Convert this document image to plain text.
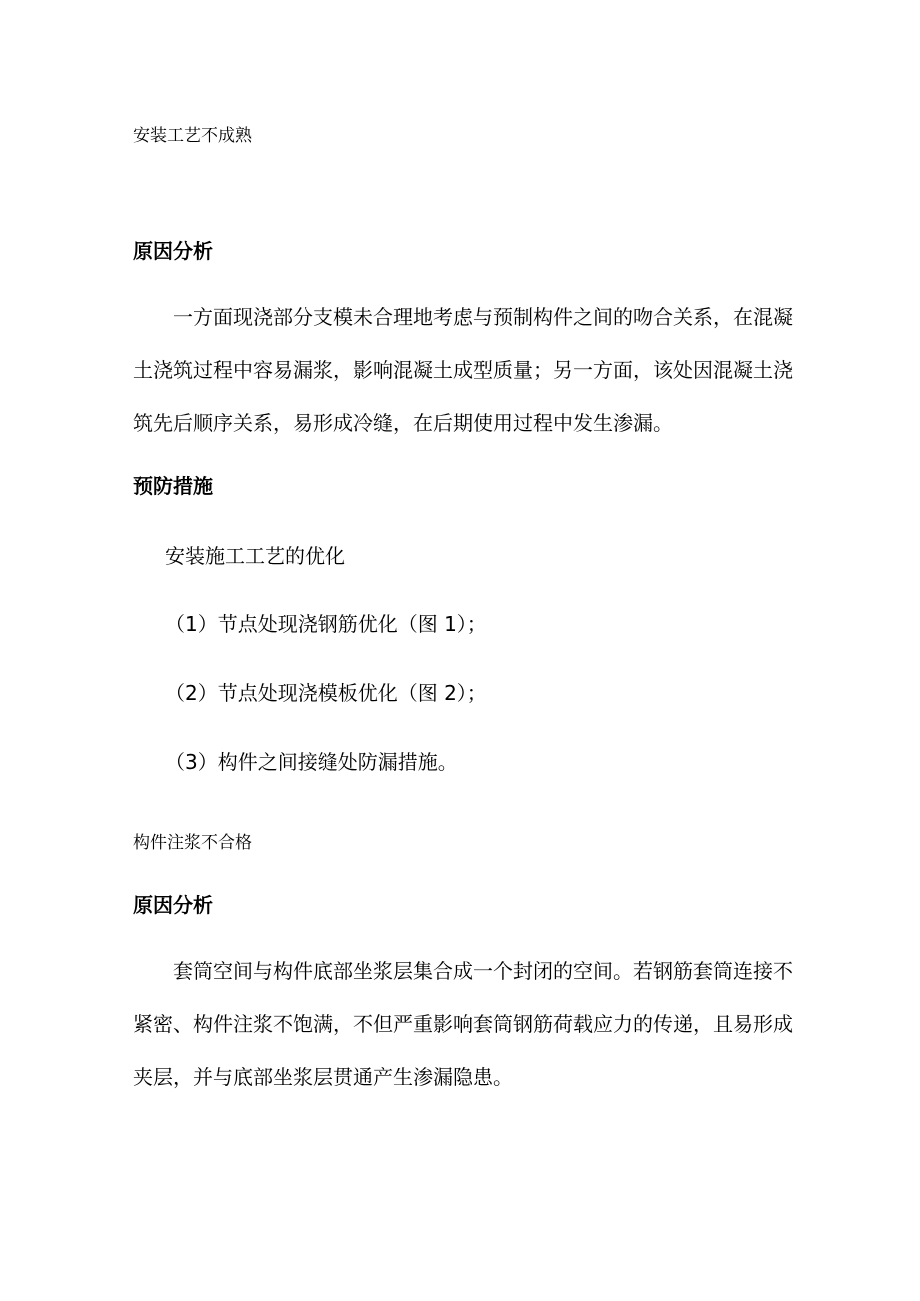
安装工艺不成熟

原因分析

一方面现浇部分支模未合理地考虑与预制构件之间的吻合关系，在混凝土浇筑过程中容易漏浆，影响混凝土成型质量；另一方面，该处因混凝土浇筑先后顺序关系，易形成冷缝，在后期使用过程中发生渗漏。

预防措施

安装施工工艺的优化

（1）节点处现浇钢筋优化（图 1）；

（2）节点处现浇模板优化（图 2）；

（3）构件之间接缝处防漏措施。

构件注浆不合格

原因分析

套筒空间与构件底部坐浆层集合成一个封闭的空间。若钢筋套筒连接不紧密、构件注浆不饱满，不但严重影响套筒钢筋荷载应力的传递，且易形成夹层，并与底部坐浆层贯通产生渗漏隐患。
